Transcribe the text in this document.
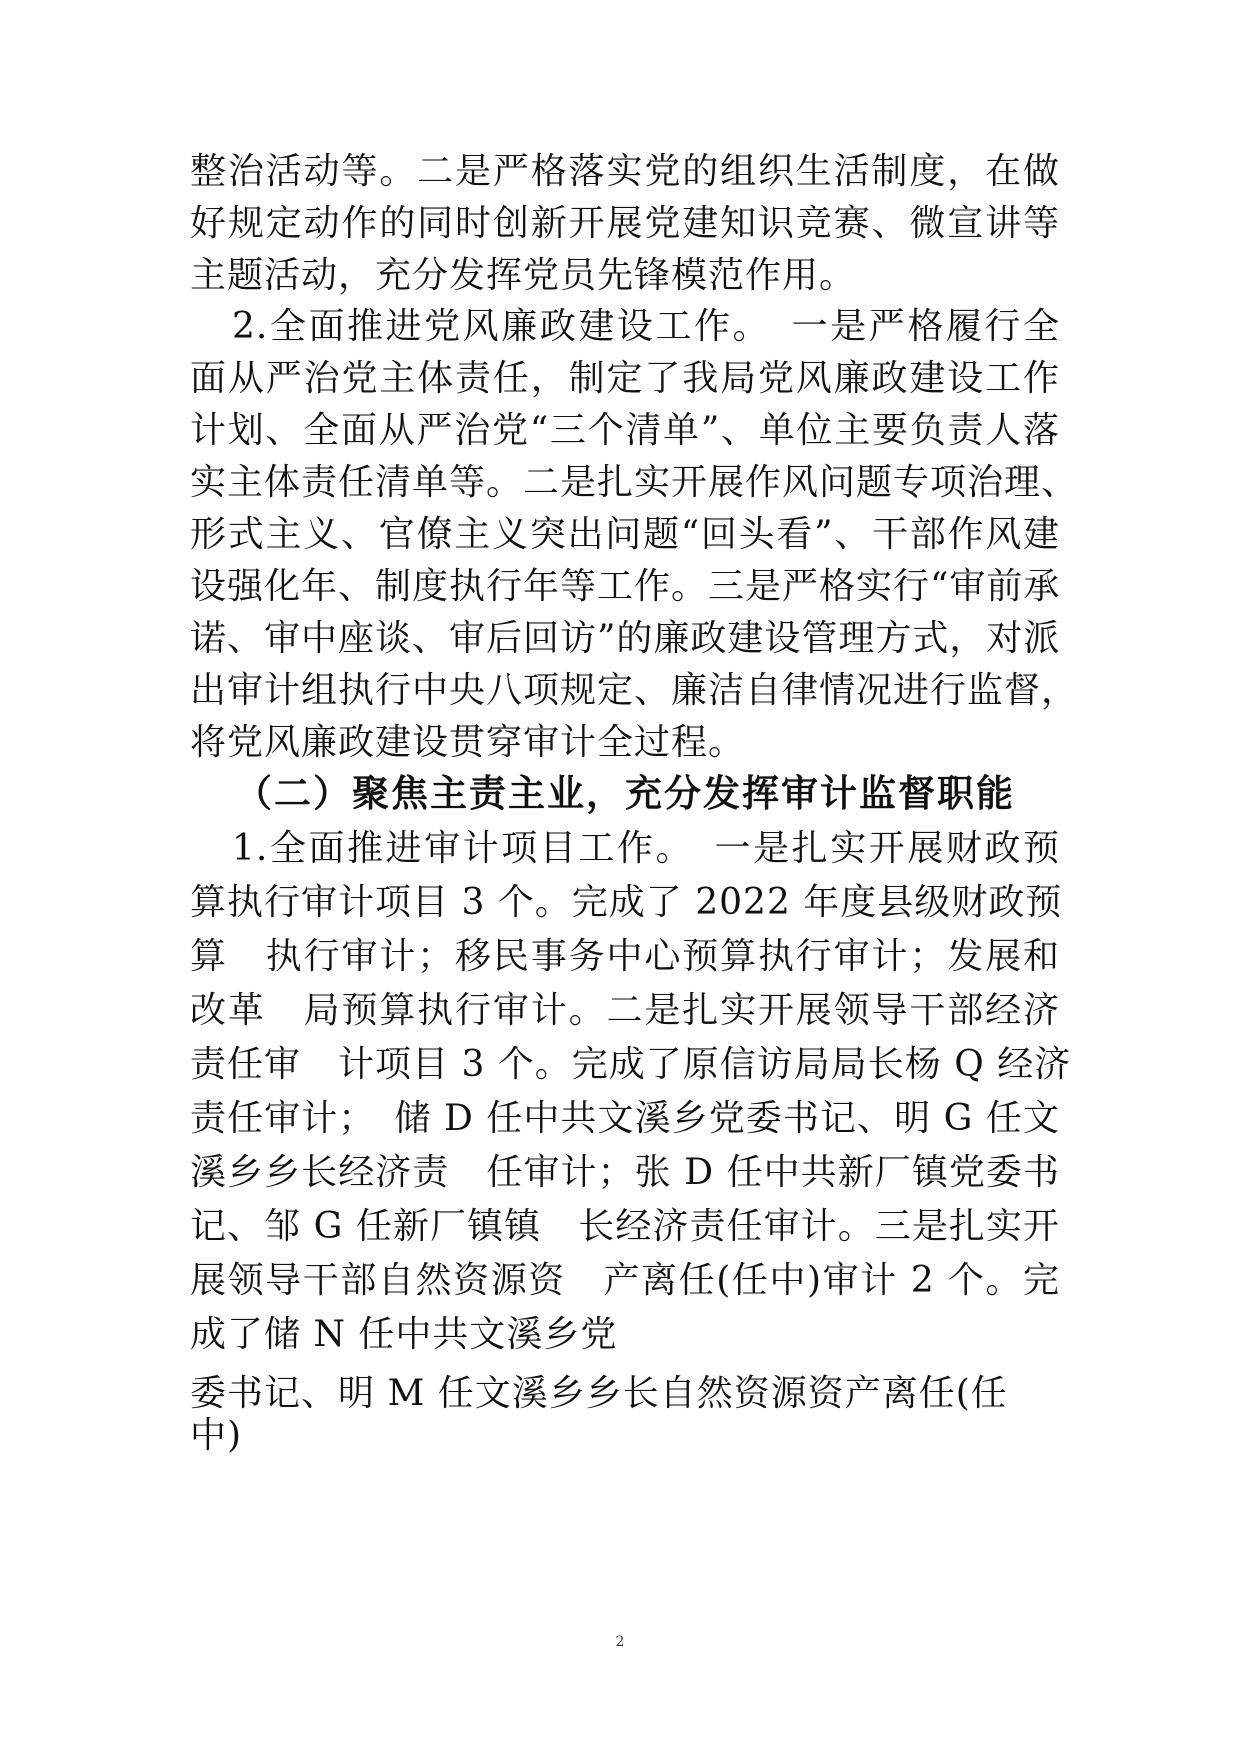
整治活动等。二是严格落实党的组织生活制度，在做
好规定动作的同时创新开展党建知识竞赛、微宣讲等
主题活动，充分发挥党员先锋模范作用。
2.全面推进党风廉政建设工作。　一是严格履行全
面从严治党主体责任，制定了我局党风廉政建设工作
计划、全面从严治党“三个清单”、单位主要负责人落
实主体责任清单等。二是扎实开展作风问题专项治理、
形式主义、官僚主义突出问题“回头看”、干部作风建
设强化年、制度执行年等工作。三是严格实行“审前承
诺、审中座谈、审后回访”的廉政建设管理方式，对派
出审计组执行中央八项规定、廉洁自律情况进行监督，
将党风廉政建设贯穿审计全过程。
（二）聚焦主责主业，充分发挥审计监督职能
1.全面推进审计项目工作。　一是扎实开展财政预
算执行审计项目 3 个。完成了 2022 年度县级财政预
算　执行审计；移民事务中心预算执行审计；发展和
改革　局预算执行审计。二是扎实开展领导干部经济
责任审　计项目 3 个。完成了原信访局局长杨 Q 经济
责任审计；　储 D 任中共文溪乡党委书记、明 G 任文
溪乡乡长经济责　任审计；张 D 任中共新厂镇党委书
记、邹 G 任新厂镇镇　长经济责任审计。三是扎实开
展领导干部自然资源资　产离任(任中)审计 2 个。完
成了储 N 任中共文溪乡党
委书记、明 M 任文溪乡乡长自然资源资产离任(任
中)
2
